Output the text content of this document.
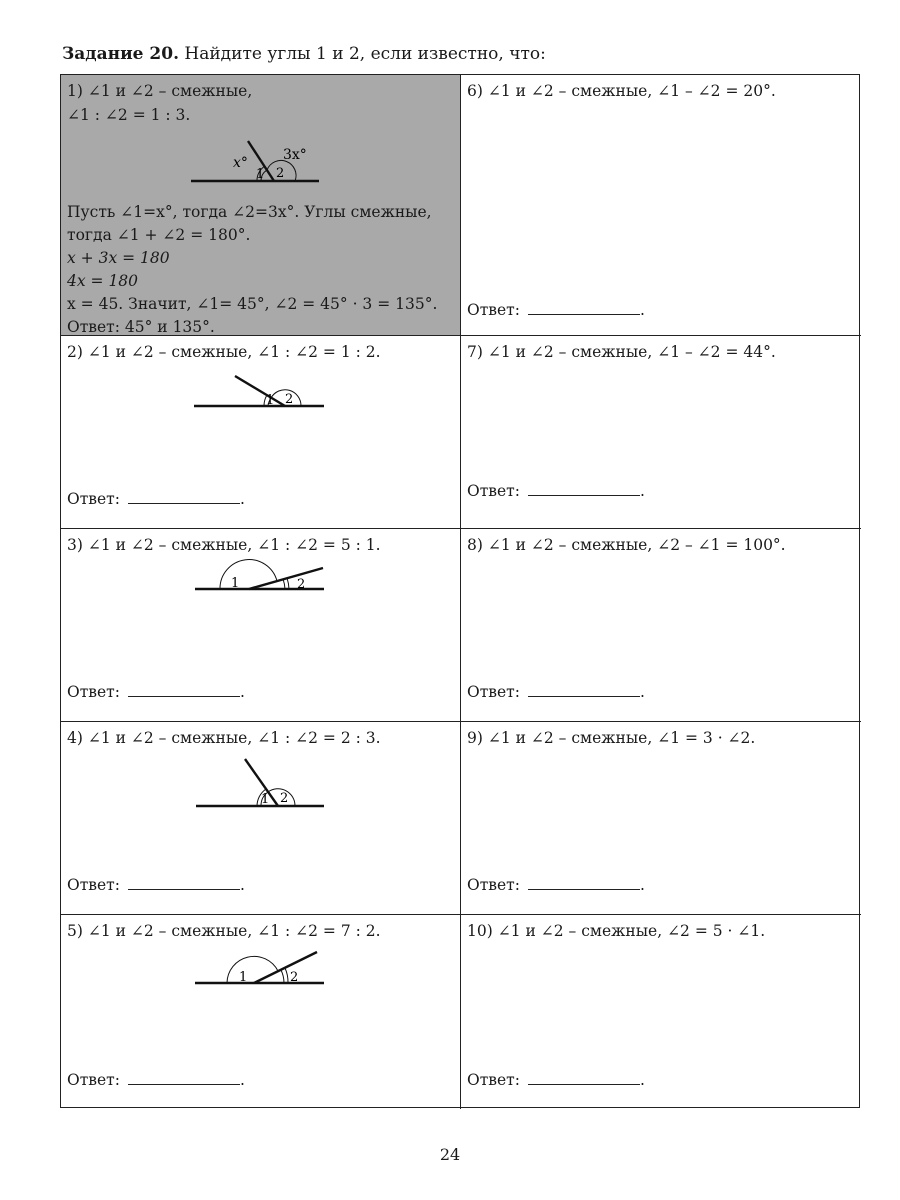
Задание 20. Найдите углы 1 и 2, если известно, что:
1) ∠1 и ∠2 – смежные,
∠1 : ∠2 = 1 : 3.
x°	3x°
1 2
Пусть ∠1=x°, тогда ∠2=3x°. Углы смежные,
тогда ∠1 + ∠2 = 180°.
x + 3x = 180
4x = 180
x = 45. Значит, ∠1= 45°, ∠2 = 45° · 3 = 135°.
Ответ: 45° и 135°.
6) ∠1 и ∠2 – смежные, ∠1 – ∠2 = 20°.
Ответ:	.
2) ∠1 и ∠2 – смежные, ∠1 : ∠2 = 1 : 2.
1 2
Ответ:	.
7) ∠1 и ∠2 – смежные, ∠1 – ∠2 = 44°.
Ответ:	.
3) ∠1 и ∠2 – смежные, ∠1 : ∠2 = 5 : 1.
1	2
Ответ:	.
8) ∠1 и ∠2 – смежные, ∠2 – ∠1 = 100°.
Ответ:	.
4) ∠1 и ∠2 – смежные, ∠1 : ∠2 = 2 : 3.
1 2
Ответ:	.
9) ∠1 и ∠2 – смежные, ∠1 = 3 · ∠2.
Ответ:	.
5) ∠1 и ∠2 – смежные, ∠1 : ∠2 = 7 : 2.
1	2
Ответ:	.
10) ∠1 и ∠2 – смежные, ∠2 = 5 · ∠1.
Ответ:	.
24
